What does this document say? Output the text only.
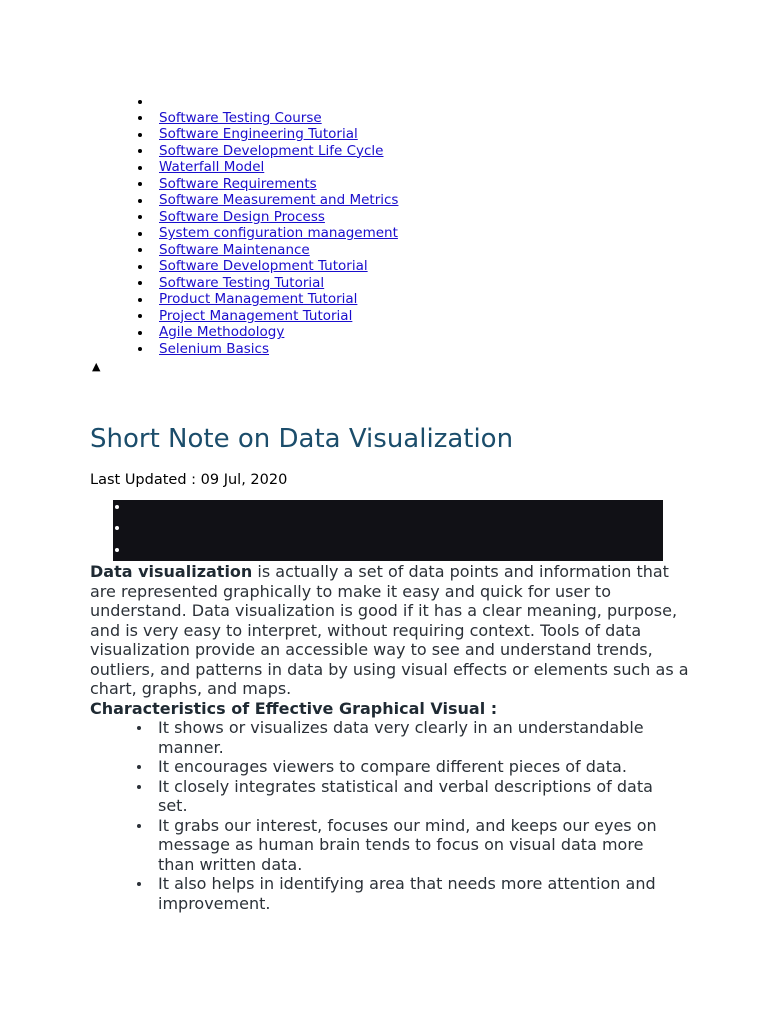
Software Testing Course
Software Engineering Tutorial
Software Development Life Cycle
Waterfall Model
Software Requirements
Software Measurement and Metrics
Software Design Process
System configuration management
Software Maintenance
Software Development Tutorial
Software Testing Tutorial
Product Management Tutorial
Project Management Tutorial
Agile Methodology
Selenium Basics
▲
Short Note on Data Visualization
Last Updated : 09 Jul, 2020

Data visualization is actually a set of data points and information that are represented graphically to make it easy and quick for user to understand. Data visualization is good if it has a clear meaning, purpose, and is very easy to interpret, without requiring context. Tools of data visualization provide an accessible way to see and understand trends, outliers, and patterns in data by using visual effects or elements such as a chart, graphs, and maps.

Characteristics of Effective Graphical Visual :

It shows or visualizes data very clearly in an understandable manner.
It encourages viewers to compare different pieces of data.
It closely integrates statistical and verbal descriptions of data set.
It grabs our interest, focuses our mind, and keeps our eyes on message as human brain tends to focus on visual data more than written data.
It also helps in identifying area that needs more attention and improvement.
